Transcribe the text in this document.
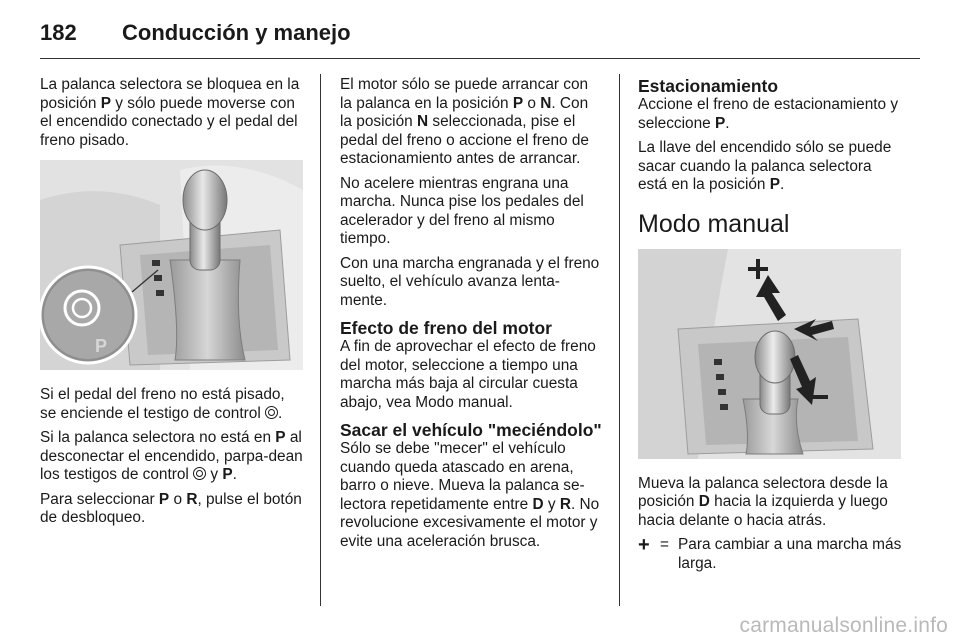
182	Conducción y manejo

La palanca selectora se bloquea en la posición P y sólo puede moverse con el encendido conectado y el pedal del freno pisado.

P

Si el pedal del freno no está pisado, se enciende el testigo de control .

Si la palanca selectora no está en P al desconectar el encendido, parpa-dean los testigos de control  y P.

Para seleccionar P o R, pulse el botón de desbloqueo.

El motor sólo se puede arrancar con la palanca en la posición P o N. Con la posición N seleccionada, pise el pedal del freno o accione el freno de estacionamiento antes de arrancar.

No acelere mientras engrana una marcha. Nunca pise los pedales del acelerador y del freno al mismo tiempo.

Con una marcha engranada y el freno suelto, el vehículo avanza lenta-mente.

Efecto de freno del motor

A fin de aprovechar el efecto de freno del motor, seleccione a tiempo una marcha más baja al circular cuesta abajo, vea Modo manual.

Sacar el vehículo "meciéndolo"

Sólo se debe "mecer" el vehículo cuando queda atascado en arena, barro o nieve. Mueva la palanca se-lectora repetidamente entre D y R. No revolucione excesivamente el motor y evite una aceleración brusca.

Estacionamiento

Accione el freno de estacionamiento y seleccione P.

La llave del encendido sólo se puede sacar cuando la palanca selectora está en la posición P.

Modo manual

Mueva la palanca selectora desde la posición D hacia la izquierda y luego hacia delante o hacia atrás.

+ = Para cambiar a una marcha más larga.
carmanualsonline.info
